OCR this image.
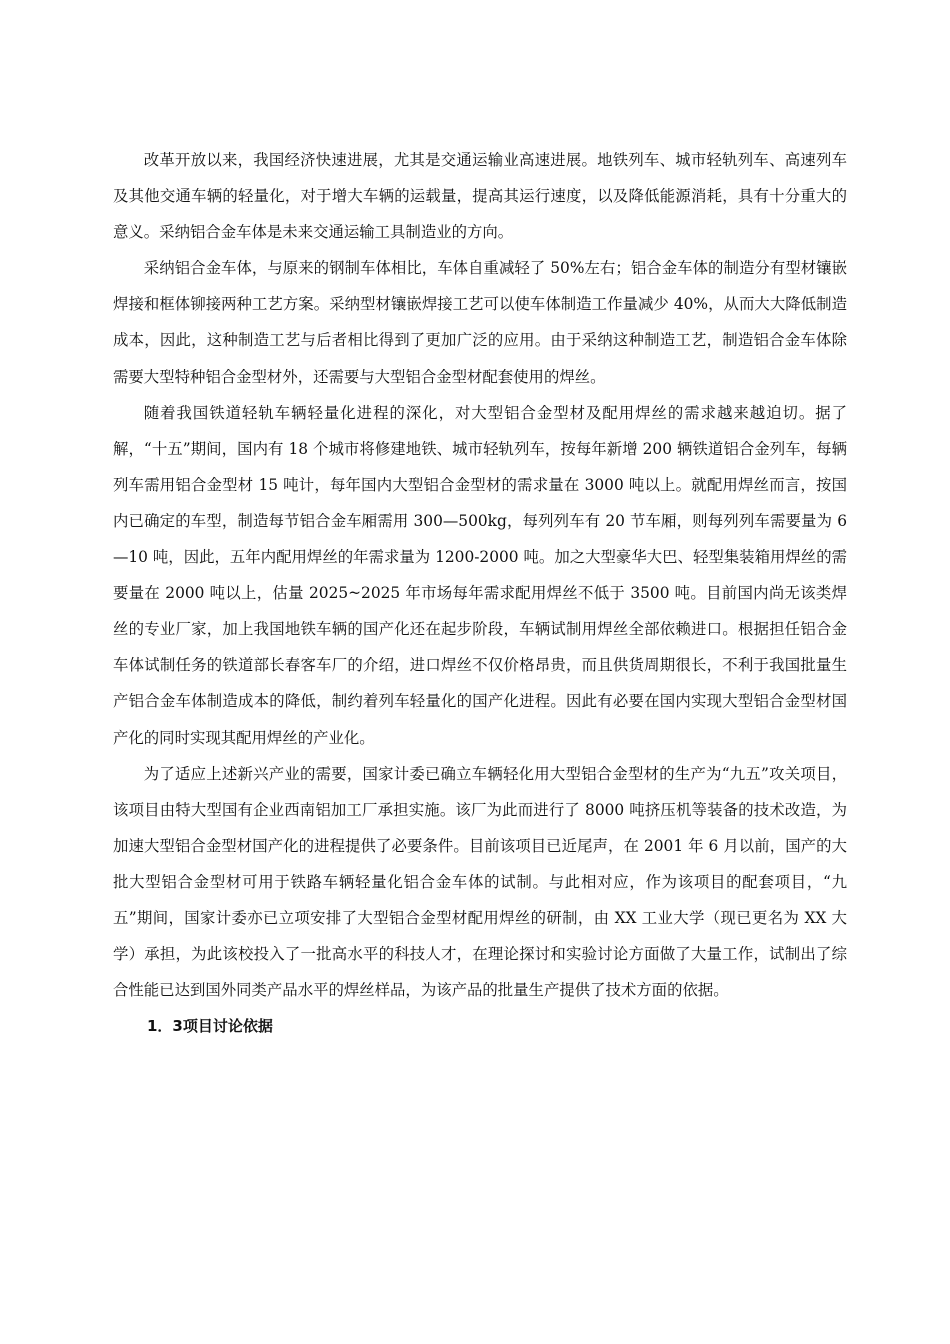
改革开放以来，我国经济快速进展，尤其是交通运输业高速进展。地铁列车、城市轻轨列车、高速列车及其他交通车辆的轻量化，对于增大车辆的运载量，提高其运行速度，以及降低能源消耗，具有十分重大的意义。采纳铝合金车体是未来交通运输工具制造业的方向。

采纳铝合金车体，与原来的钢制车体相比，车体自重减轻了 50%左右；铝合金车体的制造分有型材镶嵌焊接和框体铆接两种工艺方案。采纳型材镶嵌焊接工艺可以使车体制造工作量减少 40%，从而大大降低制造成本，因此，这种制造工艺与后者相比得到了更加广泛的应用。由于采纳这种制造工艺，制造铝合金车体除需要大型特种铝合金型材外，还需要与大型铝合金型材配套使用的焊丝。

随着我国铁道轻轨车辆轻量化进程的深化，对大型铝合金型材及配用焊丝的需求越来越迫切。据了解，“十五”期间，国内有 18 个城市将修建地铁、城市轻轨列车，按每年新增 200 辆铁道铝合金列车，每辆列车需用铝合金型材 15 吨计，每年国内大型铝合金型材的需求量在 3000 吨以上。就配用焊丝而言，按国内已确定的车型，制造每节铝合金车厢需用 300—500kg，每列列车有 20 节车厢，则每列列车需要量为 6—10 吨，因此，五年内配用焊丝的年需求量为 1200-2000 吨。加之大型豪华大巴、轻型集装箱用焊丝的需要量在 2000 吨以上，估量 2025~2025 年市场每年需求配用焊丝不低于 3500 吨。目前国内尚无该类焊丝的专业厂家，加上我国地铁车辆的国产化还在起步阶段，车辆试制用焊丝全部依赖进口。根据担任铝合金车体试制任务的铁道部长春客车厂的介绍，进口焊丝不仅价格昂贵，而且供货周期很长，不利于我国批量生产铝合金车体制造成本的降低，制约着列车轻量化的国产化进程。因此有必要在国内实现大型铝合金型材国产化的同时实现其配用焊丝的产业化。

为了适应上述新兴产业的需要，国家计委已确立车辆轻化用大型铝合金型材的生产为“九五”攻关项目，该项目由特大型国有企业西南铝加工厂承担实施。该厂为此而进行了 8000 吨挤压机等装备的技术改造，为加速大型铝合金型材国产化的进程提供了必要条件。目前该项目已近尾声，在 2001 年 6 月以前，国产的大批大型铝合金型材可用于铁路车辆轻量化铝合金车体的试制。与此相对应，作为该项目的配套项目，“九五”期间，国家计委亦已立项安排了大型铝合金型材配用焊丝的研制，由 XX 工业大学（现已更名为 XX 大学）承担，为此该校投入了一批高水平的科技人才，在理论探讨和实验讨论方面做了大量工作，试制出了综合性能已达到国外同类产品水平的焊丝样品，为该产品的批量生产提供了技术方面的依据。

1．3项目讨论依据
